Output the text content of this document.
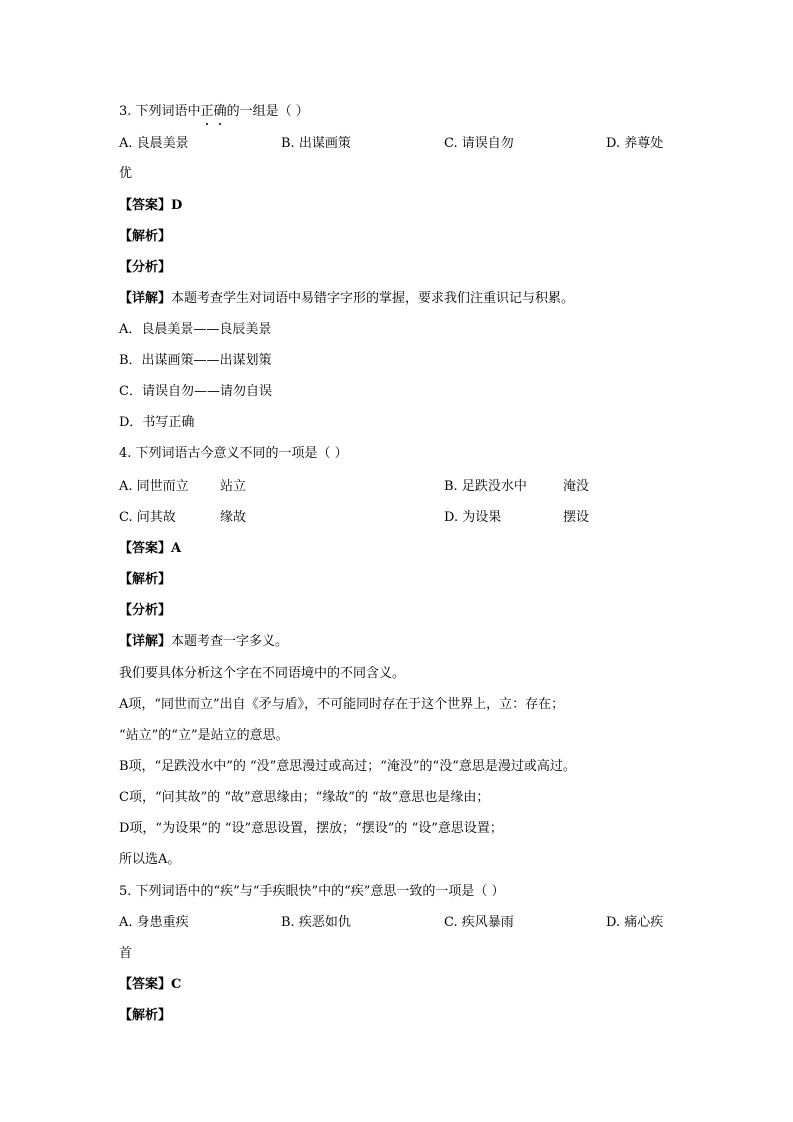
3. 下列词语中正确的一组是（ ）
A. 良晨美景	B. 出谋画策	C. 请误自勿	D. 养尊处
优
【答案】D
【解析】
【分析】
【详解】本题考查学生对词语中易错字字形的掌握，要求我们注重识记与积累。
A．良晨美景——良辰美景
B．出谋画策——出谋划策
C．请误自勿——请勿自误
D．书写正确
4. 下列词语古今意义不同的一项是（ ）
A. 同世而立 站立	B. 足跌没水中	淹没
C. 问其故	缘故	D. 为设果	摆设
【答案】A
【解析】
【分析】
【详解】本题考查一字多义。
我们要具体分析这个字在不同语境中的不同含义。
A项，“同世而立”出自《矛与盾》，不可能同时存在于这个世界上，立：存在；
“站立”的“立”是站立的意思。
B项，“足跌没水中”的 “没”意思漫过或高过；“淹没”的“没”意思是漫过或高过。
C项，“问其故”的 “故”意思缘由；“缘故”的 “故”意思也是缘由；
D项，“为设果”的 “设”意思设置，摆放；“摆设”的 “设”意思设置；
所以选A。
5. 下列词语中的“疾”与“手疾眼快”中的“疾”意思一致的一项是（ ）
A. 身患重疾	B. 疾恶如仇	C. 疾风暴雨	D. 痛心疾
首
【答案】C
【解析】
